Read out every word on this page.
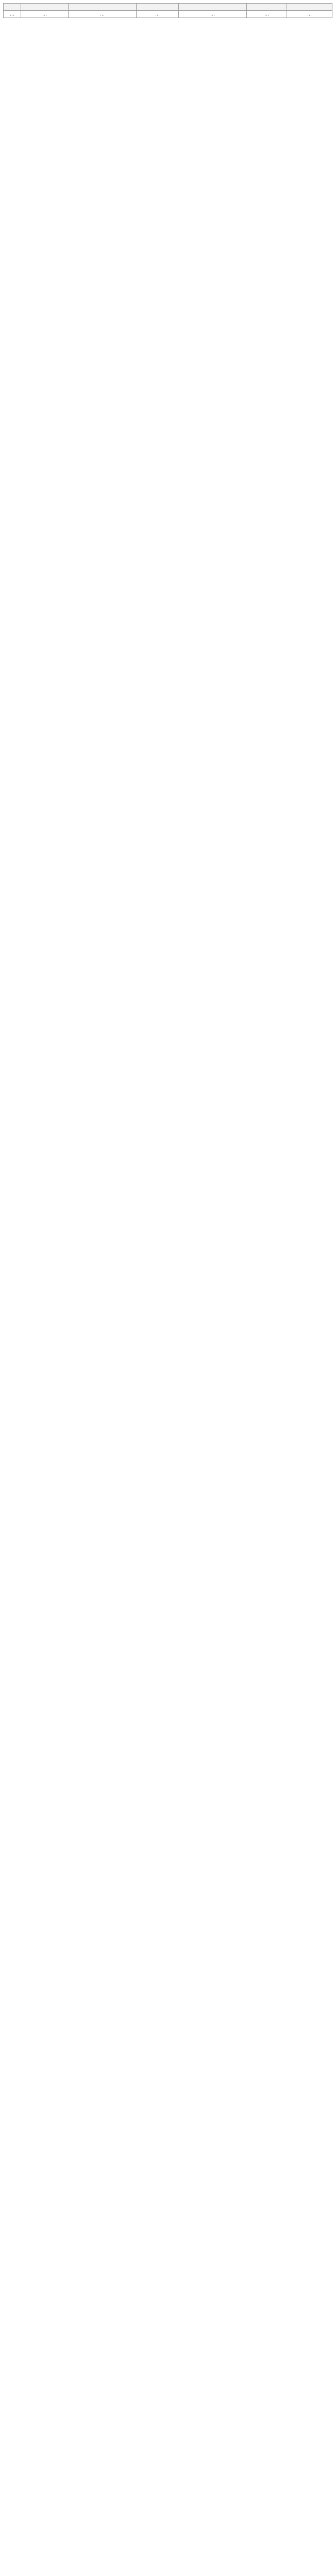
…	…	…	…	…	…	…
